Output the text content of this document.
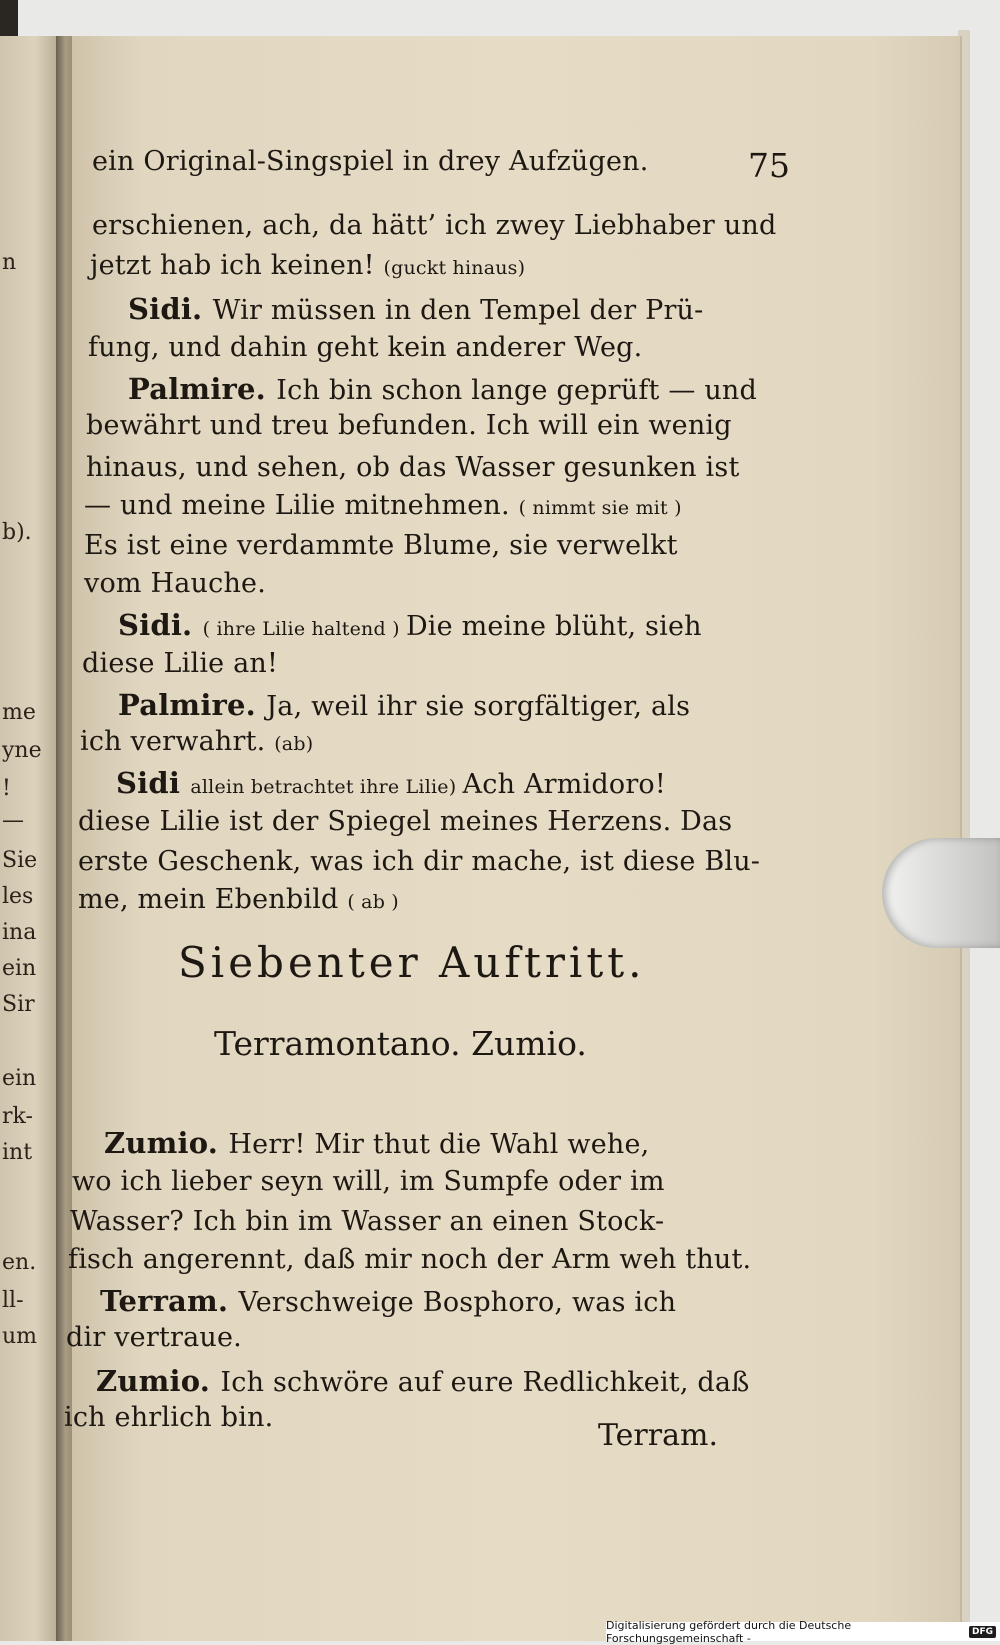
n
b).
me
yne
!
—
Sie
les
ina
ein
Sir
ein
rk-
int
en.
ll-
um
ein Original-Singspiel in drey Aufzügen.	75
erschienen, ach, da hätt’ ich zwey Liebhaber und
jetzt hab ich keinen! (guckt hinaus)
Sidi. Wir müssen in den Tempel der Prü-
fung, und dahin geht kein anderer Weg.
Palmire. Ich bin schon lange geprüft — und
bewährt und treu befunden. Ich will ein wenig
hinaus, und sehen, ob das Wasser gesunken ist
— und meine Lilie mitnehmen. ( nimmt sie mit )
Es ist eine verdammte Blume, sie verwelkt
vom Hauche.
Sidi. ( ihre Lilie haltend ) Die meine blüht, sieh
diese Lilie an!
Palmire. Ja, weil ihr sie sorgfältiger, als
ich verwahrt. (ab)
Sidi allein betrachtet ihre Lilie) Ach Armidoro!
diese Lilie ist der Spiegel meines Herzens. Das
erste Geschenk, was ich dir mache, ist diese Blu-
me, mein Ebenbild ( ab )
Zumio. Herr! Mir thut die Wahl wehe,
wo ich lieber seyn will, im Sumpfe oder im
Wasser? Ich bin im Wasser an einen Stock-
fisch angerennt, daß mir noch der Arm weh thut.
Terram. Verschweige Bosphoro, was ich
dir vertraue.
Zumio. Ich schwöre auf eure Redlichkeit, daß
ich ehrlich bin.
Siebenter Auftritt.
Terramontano. Zumio.
Terram.
Digitalisierung gefördert durch die Deutsche Forschungsgemeinschaft -	DFG
